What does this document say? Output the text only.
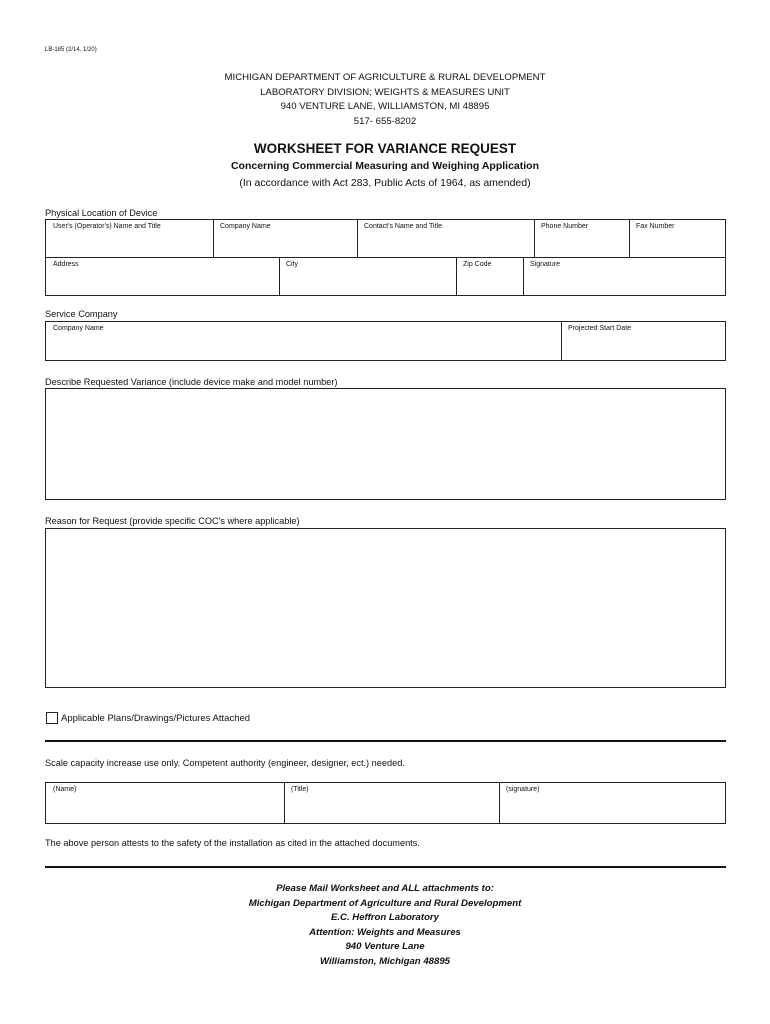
LB-185 (2/14, 1/20)
MICHIGAN DEPARTMENT OF AGRICULTURE & RURAL DEVELOPMENT
LABORATORY DIVISION; WEIGHTS & MEASURES UNIT
940 VENTURE LANE, WILLIAMSTON, MI 48895
517- 655-8202
WORKSHEET FOR VARIANCE REQUEST
Concerning Commercial Measuring and Weighing Application
(In accordance with Act 283, Public Acts of 1964, as amended)
Physical Location of Device
User's (Operator's) Name and Title	Company Name	Contact's Name and Title	Phone Number	Fax Number
Address	City	Zip Code	Signature
Service Company
Company Name	Projected Start Date
Describe Requested Variance (include device make and model number)
Reason for Request (provide specific COC's where applicable)
Applicable Plans/Drawings/Pictures Attached
Scale capacity increase use only. Competent authority (engineer, designer, ect.) needed.
(Name)	(Title)	(signature)
The above person attests to the safety of the installation as cited in the attached documents.
Please Mail Worksheet and ALL attachments to:
Michigan Department of Agriculture and Rural Development
E.C. Heffron Laboratory
Attention: Weights and Measures
940 Venture Lane
Williamston, Michigan 48895
